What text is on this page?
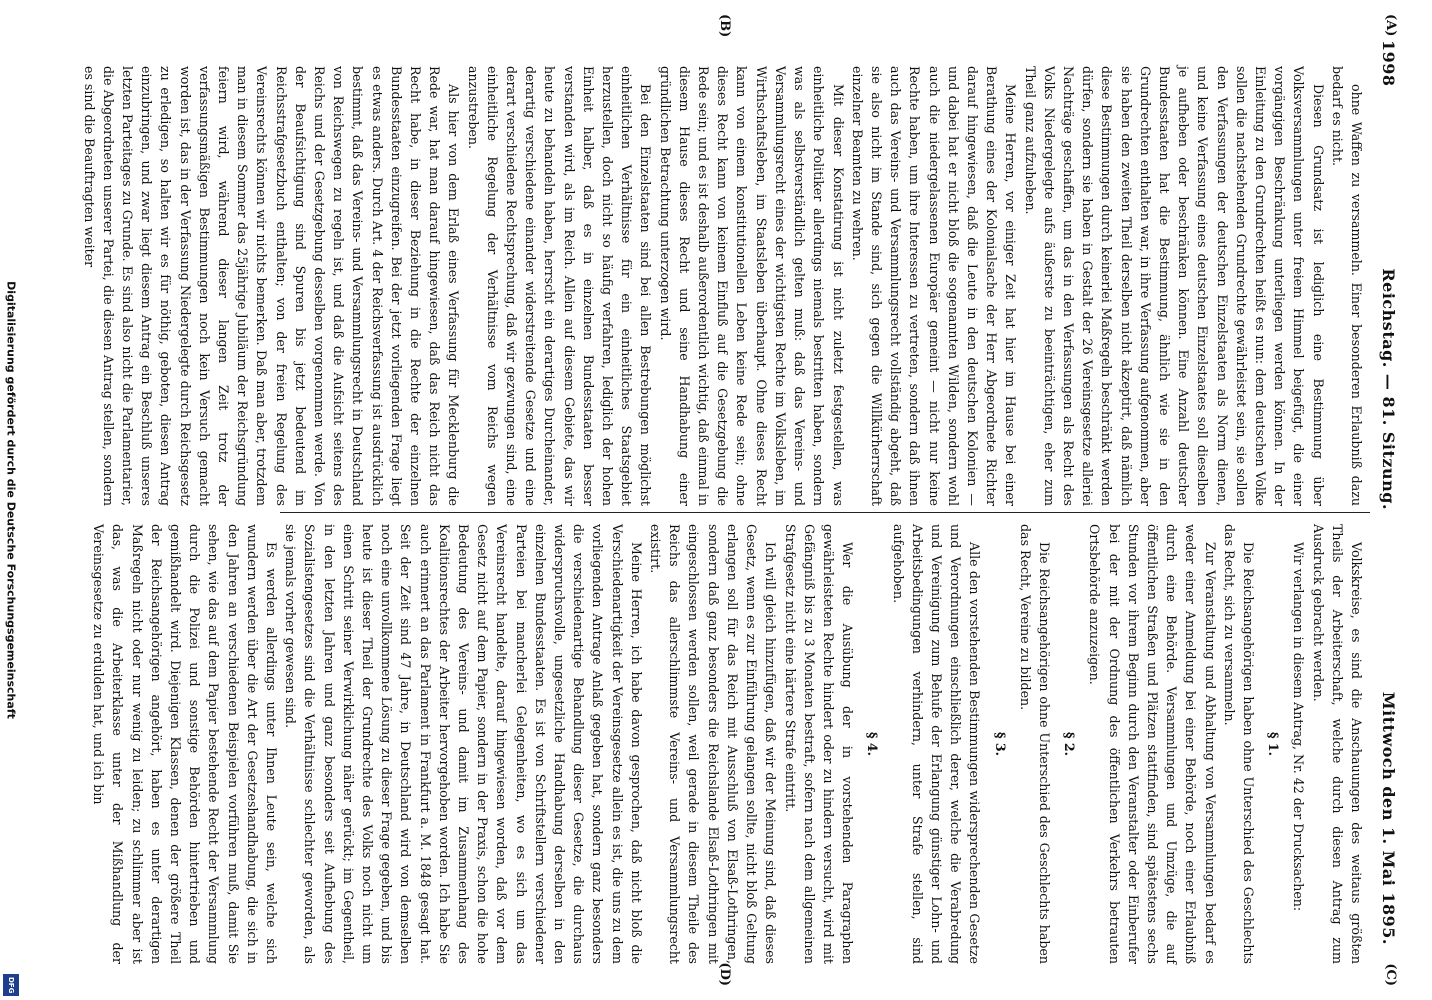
1998
Reichstag. — 81. Sitzung.
Mittwoch den 1. Mai 1895.
(A)
(B)
(C)
(D)

ohne Waffen zu versammeln. Einer besonderen Erlaubniß dazu bedarf es nicht.

Diesen Grundsatz ist lediglich eine Bestimmung über Volksversammlungen unter freiem Himmel beigefügt, die einer vorgängigen Beschränkung unterliegen werden können. In der Einleitung zu den Grundrechten heißt es nun: dem deutschen Volke sollen die nachstehenden Grundrechte gewährleistet sein, sie sollen den Verfassungen der deutschen Einzelstaaten als Norm dienen, und keine Verfassung eines deutschen Einzelstaates soll dieselben je aufheben oder beschränken können. Eine Anzahl deutscher Bundesstaaten hat die Bestimmung, ähnlich wie sie in den Grundrechten enthalten war, in ihre Verfassung aufgenommen, aber sie haben den zweiten Theil derselben nicht akzeptirt, daß nämlich diese Bestimmungen durch keinerlei Maßregeln beschränkt werden dürfen, sondern sie haben in Gestalt der 26 Vereinsgesetze alleriei Nachträge geschaffen, um das in den Verfassungen als Recht des Volks Niedergelegte aufs äußerste zu beeinträchtigen, eher zum Theil ganz aufzuheben.

Meine Herren, vor einiger Zeit hat hier im Hause bei einer Berathung eines der Kolonialsache der Herr Abgeordnete Richter darauf hingewiesen, daß die Leute in den deutschen Kolonien — und dabei hat er nicht bloß die sogenannten Wilden, sondern wohl auch die niedergelassenen Europäer gemeint — nicht nur keine Rechte haben, um ihre Interessen zu vertreten, sondern daß ihnen auch das Vereins- und Versammlungsrecht vollständig abgeht, daß sie also nicht im Stande sind, sich gegen die Willkürherrschaft einzelner Beamten zu wehren.

Mit dieser Konstatirung ist nicht zuletzt festgestellen, was einheitliche Politiker allerdings niemals bestritten haben, sondern was als selbstverständlich gelten muß: daß das Vereins- und Versammlungsrecht eines der wichtigsten Rechte im Volksleben, im Wirthschaftsleben, im Staatsleben überhaupt. Ohne dieses Recht kann von einem konstitutionellen Leben keine Rede sein; ohne dieses Recht kann von keinem Einfluß auf die Gesetzgebung die Rede sein; und es ist deshalb außerordentlich wichtig, daß einmal in diesem Hause dieses Recht und seine Handhabung einer gründlichen Betrachtung unterzogen wird.

Bei den Einzelstaaten sind bei allen Bestrebungen möglichst einheitlichen Verhältnisse für ein einheitliches Staatsgebiet herzustellen, doch nicht so häufig verfahren, lediglich der hohen Einheit halber, daß es in einzelnen Bundesstaaten besser verstanden wird, als im Reich. Allein auf diesem Gebiete, das wir heute zu behandeln haben, herrscht ein derartiges Durcheinander, derartig verschiedene einander widerstreitende Gesetze und eine derart verschiedene Rechtsprechung, daß wir gezwungen sind, eine einheitliche Regelung der Verhältnisse vom Reichs wegen anzustreben.

Als hier von dem Erlaß eines Verfassung für Mecklenburg die Rede war, hat man darauf hingewiesen, daß das Reich nicht das Recht habe, in dieser Beziehung in die Rechte der einzelnen Bundesstaaten einzugreifen. Bei der jetzt vorliegenden Frage liegt es etwas anders. Durch Art. 4 der Reichsverfassung ist ausdrücklich bestimmt, daß das Vereins- und Versammlungsrecht in Deutschland von Reichswegen zu regeln ist, und daß die Aufsicht seitens des Reichs und der Gesetzgebung desselben vorgenommen werde. Von der Beaufsichtigung sind Spuren bis jetzt bedeutend im Reichsstrafgesetzbuch enthalten; von der freien Regelung des Vereinsrechts können wir nichts bemerken. Daß man aber, trotzdem man in diesem Sommer das 25jährige Jubiläum der Reichsgründung feiern wird, während dieser langen Zeit trotz der verfassungsmäßigen Bestimmungen noch kein Versuch gemacht worden ist, das in der Verfassung Niedergelegte durch Reichsgesetz zu erledigen, so halten wir es für nöthig, geboten, diesen Antrag einzubringen, und zwar liegt diesem Antrag ein Beschluß unseres letzten Parteitages zu Grunde. Es sind also nicht die Parlamentarier, die Abgeordneten unserer Partei, die diesen Antrag stellen, sondern es sind die Beauftragten weiter

Volkskreise, es sind die Anschauungen des weitaus größten Theils der Arbeiterschaft, welche durch diesen Antrag zum Ausdruck gebracht werden.

Wir verlangen in diesem Antrag, Nr. 42 der Drucksachen:

§ 1.

Die Reichsangehörigen haben ohne Unterschied des Geschlechts das Recht, sich zu versammeln.

Zur Veranstaltung und Abhaltung von Versammlungen bedarf es weder einer Anmeldung bei einer Behörde, noch einer Erlaubniß durch eine Behörde. Versammlungen und Umzüge, die auf öffentlichen Straßen und Plätzen stattfinden, sind spätestens sechs Stunden vor ihrem Beginn durch den Veranstalter oder Einberufer bei der mit der Ordnung des öffentlichen Verkehrs betrauten Ortsbehörde anzuzeigen.

§ 2.

Die Reichsangehörigen ohne Unterschied des Geschlechts haben das Recht, Vereine zu bilden.

§ 3.

Alle den vorstehenden Bestimmungen widersprechenden Gesetze und Verordnungen einschließlich derer, welche die Verabredung und Vereinigung zum Behufe der Erlangung günstiger Lohn- und Arbeitsbedingungen verhindern, unter Strafe stellen, sind aufgehoben.

§ 4.

Wer die Ausübung der in vorstehenden Paragraphen gewährleisteten Rechte hindert oder zu hindern versucht, wird mit Gefängniß bis zu 3 Monaten bestraft, sofern nach dem allgemeinen Strafgesetz nicht eine härtere Strafe eintritt.

Ich will gleich hinzufügen, daß wir der Meinung sind, daß dieses Gesetz, wenn es zur Einführung gelangen sollte, nicht bloß Geltung erlangen soll für das Reich mit Ausschluß von Elsaß-Lothringen, sondern daß ganz besonders die Reichslande Elsaß-Lothringen mit eingeschlossen werden sollen, weil gerade in diesem Theile des Reichs das allerschlimmste Vereins- und Versammlungsrecht existirt.

Meine Herren, ich habe davon gesprochen, daß nicht bloß die Verschiedenartigkeit der Vereinsgesetze allein es ist, die uns zu dem vorliegenden Antrage Anlaß gegeben hat, sondern ganz besonders die verschiedenartige Behandlung dieser Gesetze, die durchaus widerspruchsvolle, ungesetzliche Handhabung derselben in den einzelnen Bundesstaaten. Es ist von Schriftstellern verschiedener Parteien bei mancherlei Gelegenheiten, wo es sich um das Vereinsrecht handelte, darauf hingewiesen worden, daß vor dem Gesetz nicht auf dem Papier, sondern in der Praxis, schon die hohe Bedeutung des Vereins- und damit im Zusammenhang des Koalitionsrechtes der Arbeiter hervorgehoben worden. Ich habe Sie auch erinnert an das Parlament in Frankfurt a. M. 1848 gesagt hat. Seit der Zeit sind 47 Jahre, in Deutschland wird von demselben noch eine unvollkommene Lösung zu dieser Frage gegeben, und bis heute ist dieser Theil der Grundrechte des Volks noch nicht um einen Schritt seiner Verwirklichung näher gerückt; im Gegentheil, in den letzten Jahren und ganz besonders seit Aufhebung des Sozialistengesetzes sind die Verhältnisse schlechter geworden, als sie jemals vorher gewesen sind.

Es werden allerdings unter Ihnen Leute sein, welche sich wundern werden über die Art der Gesetzeshandhabung, die sich in den Jahren an verschiedenen Beispielen vorführen muß, damit Sie sehen, wie das auf dem Papier bestehende Recht der Versammlung durch die Polizei und sonstige Behörden hintertrieben und gemißhandelt wird. Diejenigen Klassen, denen der größere Theil der Reichsangehörigen angehört, haben es unter derartigen Maßregeln nicht oder nur wenig zu leiden; zu schlimmer aber ist das, was die Arbeiterklasse unter der Mißhandlung der Vereinsgesetze zu erdulden hat, und ich bin

Digitalisierung gefördert durch die Deutsche Forschungsgemeinschaft
DFG
